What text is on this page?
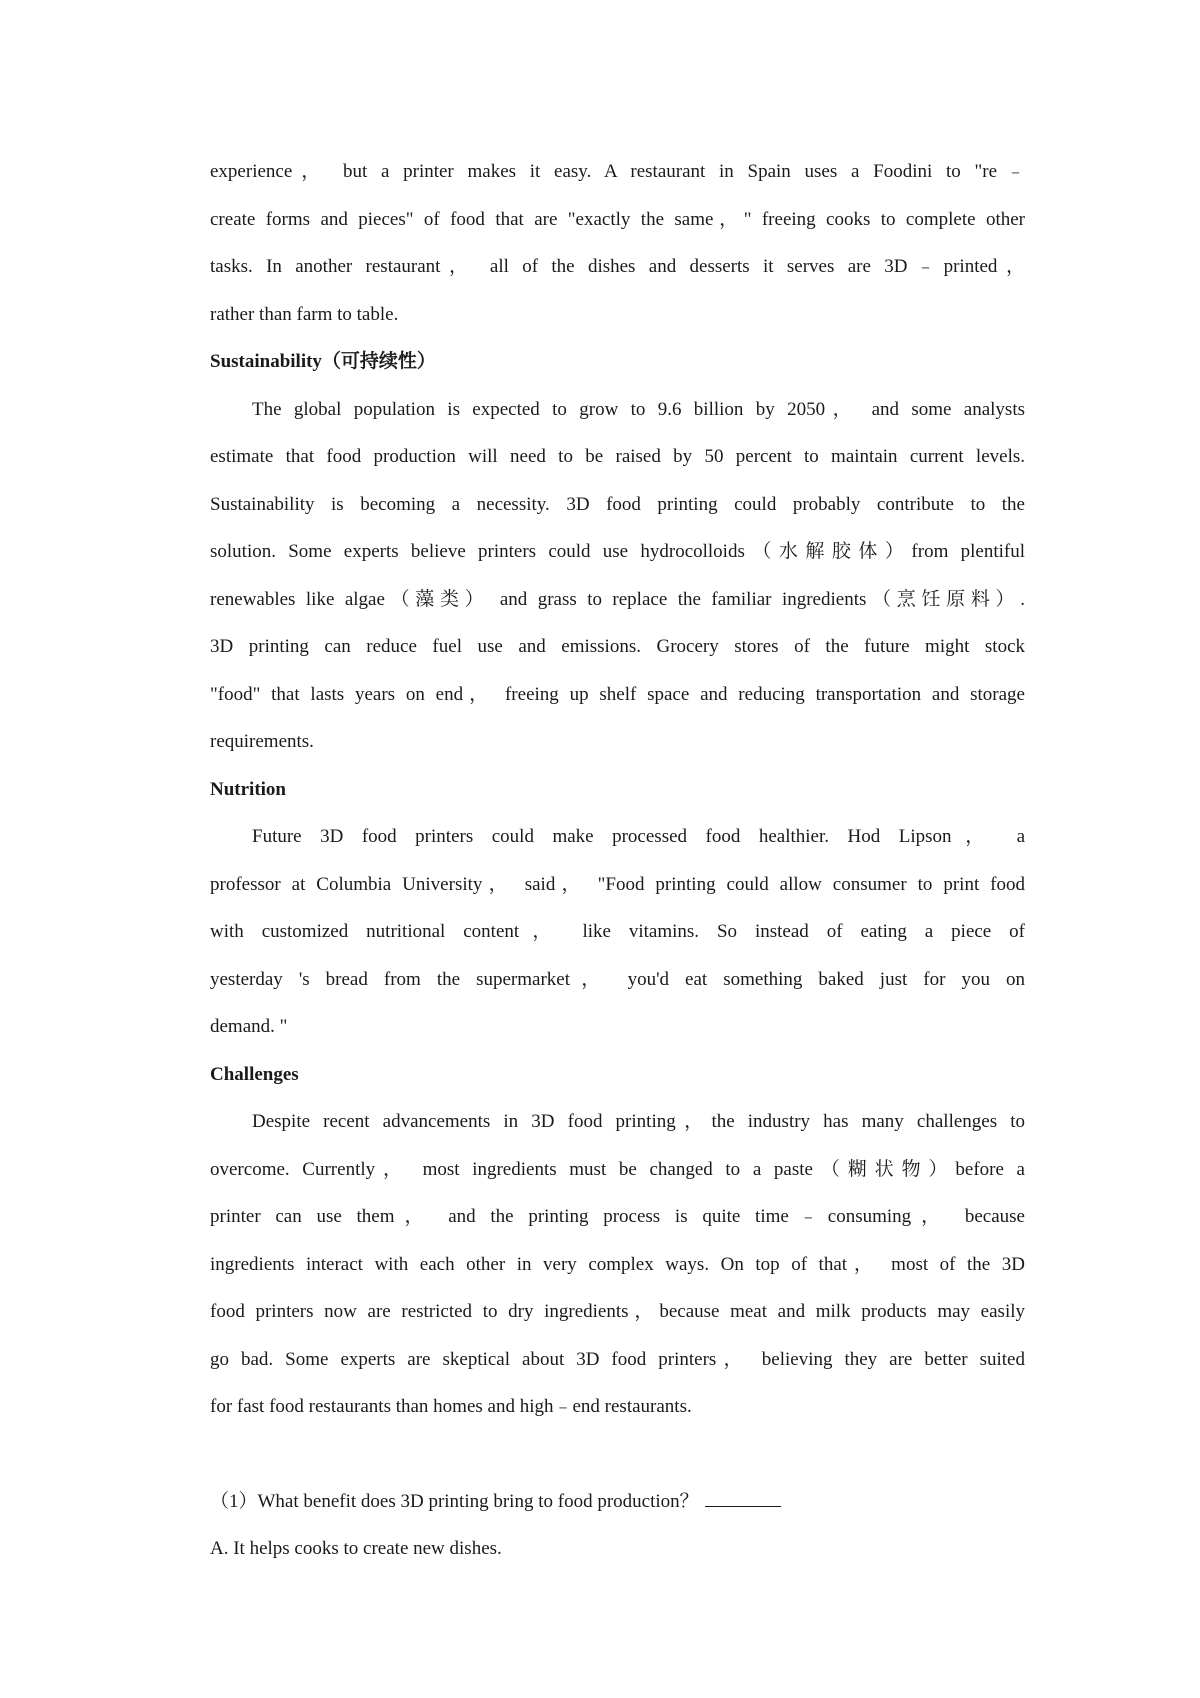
experience， but a printer makes it easy. A restaurant in Spain uses a Foodini to "re﹣
create forms and pieces" of food that are "exactly the same，" freeing cooks to complete other
tasks. In another restaurant， all of the dishes and desserts it serves are 3D﹣printed，
rather than farm to table.
Sustainability（可持续性）
The global population is expected to grow to 9.6 billion by 2050， and some analysts
estimate that food production will need to be raised by 50 percent to maintain current levels.
Sustainability is becoming a necessity. 3D food printing could probably contribute to the
solution. Some experts believe printers could use hydrocolloids（水解胶体）from plentiful
renewables like algae（藻类） and grass to replace the familiar ingredients（烹饪原料）.
3D printing can reduce fuel use and emissions. Grocery stores of the future might stock
"food" that lasts years on end， freeing up shelf space and reducing transportation and storage
requirements.
Nutrition
Future 3D food printers could make processed food healthier. Hod Lipson， a
professor at Columbia University， said， "Food printing could allow consumer to print food
with customized nutritional content， like vitamins. So instead of eating a piece of
yesterday 's bread from the supermarket， you'd eat something baked just for you on
demand. "
Challenges
Despite recent advancements in 3D food printing，the industry has many challenges to
overcome. Currently， most ingredients must be changed to a paste（糊状物）before a
printer can use them， and the printing process is quite time﹣consuming， because
ingredients interact with each other in very complex ways. On top of that， most of the 3D
food printers now are restricted to dry ingredients，because meat and milk products may easily
go bad. Some experts are skeptical about 3D food printers， believing they are better suited
for fast food restaurants than homes and high﹣end restaurants.
（1）What benefit does 3D printing bring to food production？
A. It helps cooks to create new dishes.
